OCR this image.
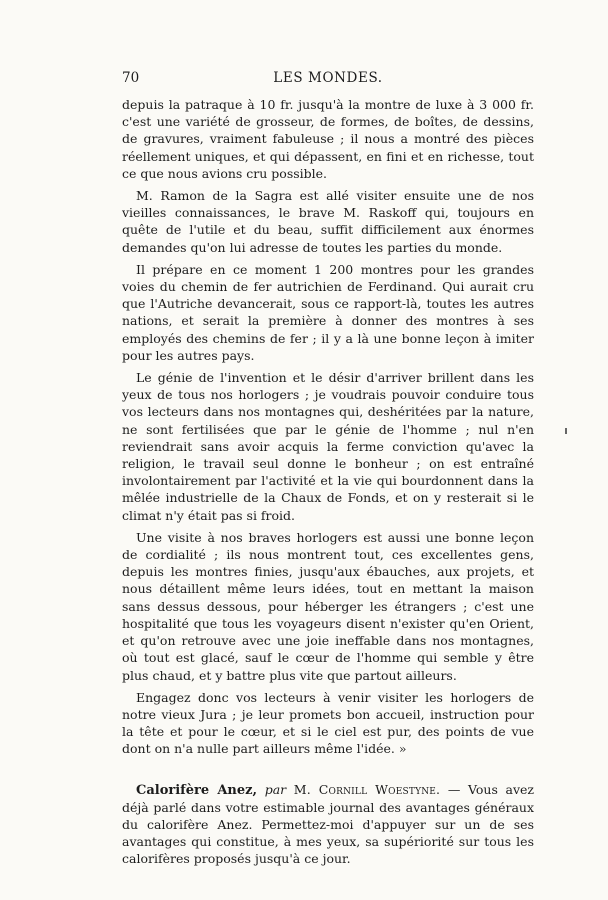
70	LES MONDES.

depuis la patraque à 10 fr. jusqu'à la montre de luxe à 3 000 fr. c'est une variété de grosseur, de formes, de boîtes, de dessins, de gravures, vraiment fabuleuse ; il nous a montré des pièces réellement uniques, et qui dépassent, en fini et en richesse, tout ce que nous avions cru possible.

M. Ramon de la Sagra est allé visiter ensuite une de nos vieilles connaissances, le brave M. Raskoff qui, toujours en quête de l'utile et du beau, suffit difficilement aux énormes demandes qu'on lui adresse de toutes les parties du monde.

Il prépare en ce moment 1 200 montres pour les grandes voies du chemin de fer autrichien de Ferdinand. Qui aurait cru que l'Autriche devancerait, sous ce rapport-là, toutes les autres nations, et serait la première à donner des montres à ses employés des chemins de fer ; il y a là une bonne leçon à imiter pour les autres pays.

Le génie de l'invention et le désir d'arriver brillent dans les yeux de tous nos horlogers ; je voudrais pouvoir conduire tous vos lecteurs dans nos montagnes qui, deshéritées par la nature, ne sont fertilisées que par le génie de l'homme ; nul n'en reviendrait sans avoir acquis la ferme conviction qu'avec la religion, le travail seul donne le bonheur ; on est entraîné involontairement par l'activité et la vie qui bourdonnent dans la mêlée industrielle de la Chaux de Fonds, et on y resterait si le climat n'y était pas si froid.

Une visite à nos braves horlogers est aussi une bonne leçon de cordialité ; ils nous montrent tout, ces excellentes gens, depuis les montres finies, jusqu'aux ébauches, aux projets, et nous détaillent même leurs idées, tout en mettant la maison sans dessus dessous, pour héberger les étrangers ; c'est une hospitalité que tous les voyageurs disent n'exister qu'en Orient, et qu'on retrouve avec une joie ineffable dans nos montagnes, où tout est glacé, sauf le cœur de l'homme qui semble y être plus chaud, et y battre plus vite que partout ailleurs.

Engagez donc vos lecteurs à venir visiter les horlogers de notre vieux Jura ; je leur promets bon accueil, instruction pour la tête et pour le cœur, et si le ciel est pur, des points de vue dont on n'a nulle part ailleurs même l'idée. »

Calorifère Anez, par M. Cornill Woestyne. — Vous avez déjà parlé dans votre estimable journal des avantages généraux du calorifère Anez. Permettez-moi d'appuyer sur un de ses avantages qui constitue, à mes yeux, sa supériorité sur tous les calorifères proposés jusqu'à ce jour.
